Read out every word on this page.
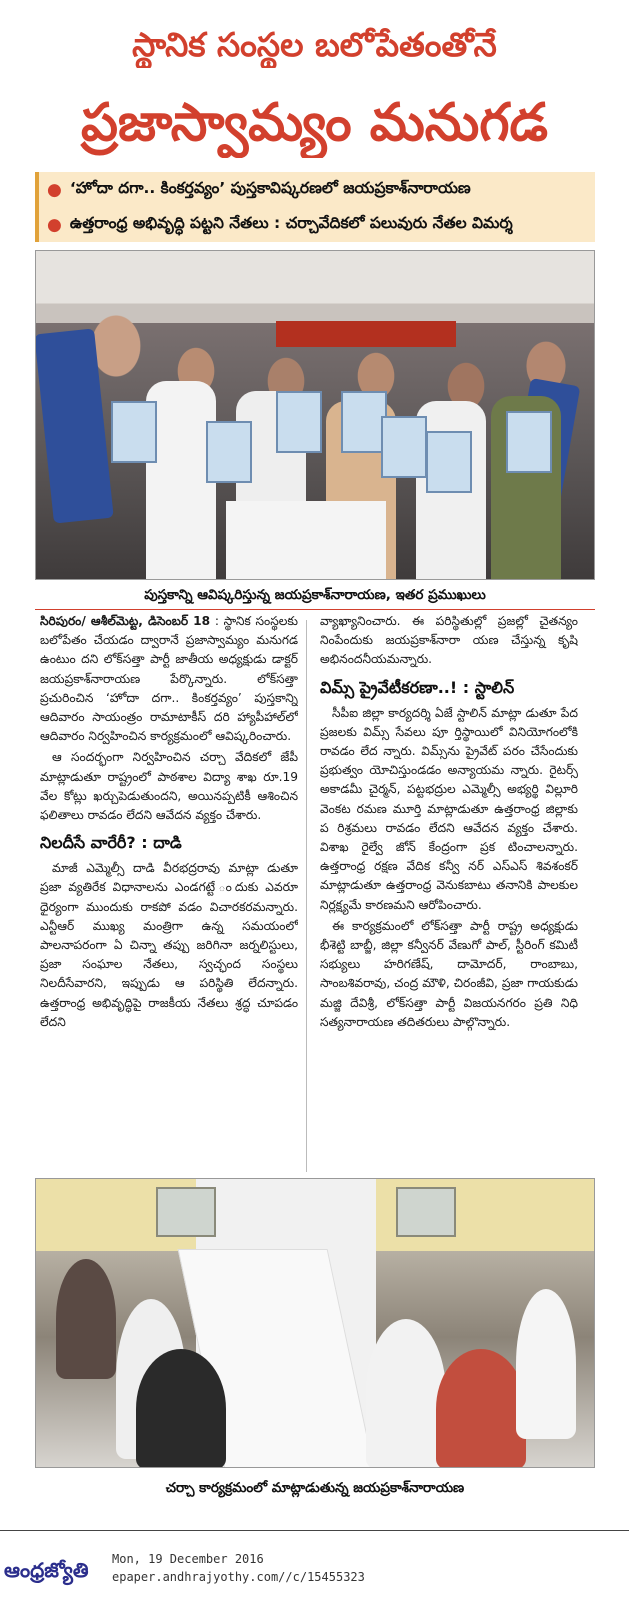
స్థానిక సంస్థల బలోపేతంతోనే
ప్రజాస్వామ్యం మనుగడ
● ‘హోదా దగా.. కింకర్తవ్యం’ పుస్తకావిష్కరణలో జయప్రకాశ్‌నారాయణ
● ఉత్తరాంధ్ర అభివృద్ధి పట్టని నేతలు : చర్చావేదికలో పలువురు నేతల విమర్శ
పుస్తకాన్ని ఆవిష్కరిస్తున్న జయప్రకాశ్‌నారాయణ, ఇతర ప్రముఖులు

సిరిపురం/ ఆశీల్‌మెట్ట, డిసెంబర్ 18 : స్థానిక సంస్థలకు బలోపేతం చేయడం ద్వారానే ప్రజాస్వామ్యం మనుగడ ఉంటుం దని లోక్‌సత్తా పార్టీ జాతీయ అధ్యక్షుడు డాక్టర్ జయప్రకాశ్‌నారాయణ పేర్కొన్నారు. లోక్‌సత్తా ప్రచురించిన ‘హోదా దగా.. కింకర్తవ్యం’ పుస్తకాన్ని ఆదివారం సాయంత్రం రామాటాకీస్ దరి హ్యాపీహాల్‌లో ఆదివారం నిర్వహించిన కార్యక్రమంలో ఆవిష్కరించారు.

ఆ సందర్భంగా నిర్వహించిన చర్చా వేదికలో జేపీ మాట్లాడుతూ రాష్ట్రంలో పాఠశాల విద్యా శాఖ రూ.19 వేల కోట్లు ఖర్చుపెడుతుందని, అయినప్పటికీ ఆశించిన ఫలితాలు రావడం లేదని ఆవేదన వ్యక్తం చేశారు.

నిలదీసే వారేరీ? : దాడి

మాజీ ఎమ్మెల్సీ దాడి వీరభద్రరావు మాట్లా డుతూ ప్రజా వ్యతిరేక విధానాలను ఎండగట్టే ందుకు ఎవరూ ధైర్యంగా ముందుకు రాకపో వడం విచారకరమన్నారు. ఎన్టీఆర్ ముఖ్య మంత్రిగా ఉన్న సమయంలో పాలనాపరంగా ఏ చిన్నా తప్పు జరిగినా జర్నలిస్టులు, ప్రజా సంఘాల నేతలు, స్వచ్ఛంద సంస్థలు నిలదీసేవారని, ఇప్పుడు ఆ పరిస్థితి లేదన్నారు. ఉత్తరాంధ్ర అభివృద్ధిపై రాజకీయ నేతలు శ్రద్ధ చూపడం లేదని

వ్యాఖ్యానించారు. ఈ పరిస్థితుల్లో ప్రజల్లో చైతన్యం నింపేందుకు జయప్రకాశ్‌నారా యణ చేస్తున్న కృషి అభినందనీయమన్నారు.

విమ్స్ ప్రైవేటీకరణా..! : స్టాలిన్

సీపీఐ జిల్లా కార్యదర్శి ఏజే స్టాలిన్ మాట్లా డుతూ పేద ప్రజలకు విమ్స్ సేవలు పూ ర్తిస్థాయిలో వినియోగంలోకి రావడం లేద న్నారు. విమ్స్‌ను ప్రైవేట్ పరం చేసేందుకు ప్రభుత్వం యోచిస్తుండడం అన్యాయమ న్నారు. రైటర్స్ అకాడమీ చైర్మన్, పట్టభద్రుల ఎమ్మెల్సీ అభ్యర్థి విల్లూరి వెంకట రమణ మూర్తి మాట్లాడుతూ ఉత్తరాంధ్ర జిల్లాకు ప రిశ్రమలు రావడం లేదని ఆవేదన వ్యక్తం చేశారు. విశాఖ రైల్వే జోన్ కేంద్రంగా ప్రక టించాలన్నారు. ఉత్తరాంధ్ర రక్షణ వేదిక కన్వీ నర్ ఎస్ఎస్ శివశంకర్ మాట్లాడుతూ ఉత్తరాంధ్ర వెనుకబాటు తనానికి పాలకుల నిర్లక్ష్యమే కారణమని ఆరోపించారు.

ఈ కార్యక్రమంలో లోక్‌సత్తా పార్టీ రాష్ట్ర అధ్యక్షుడు భీశెట్టి బాబ్జీ, జిల్లా కన్వీనర్ వేణుగో పాల్, స్టీరింగ్ కమిటీ సభ్యులు హరిగణేష్, దామోదర్, రాంబాబు, సాంబశివరావు, చంద్ర మౌళి, చిరంజీవి, ప్రజా గాయకుడు మజ్జి దేవిశ్రీ, లోక్‌సత్తా పార్టీ విజయనగరం ప్రతి నిధి సత్యనారాయణ తదితరులు పాల్గొన్నారు.

చర్చా కార్యక్రమంలో మాట్లాడుతున్న జయప్రకాశ్‌నారాయణ
ఆంధ్రజ్యోతి	Mon, 19 December 2016
epaper.andhrajyothy.com//c/15455323
